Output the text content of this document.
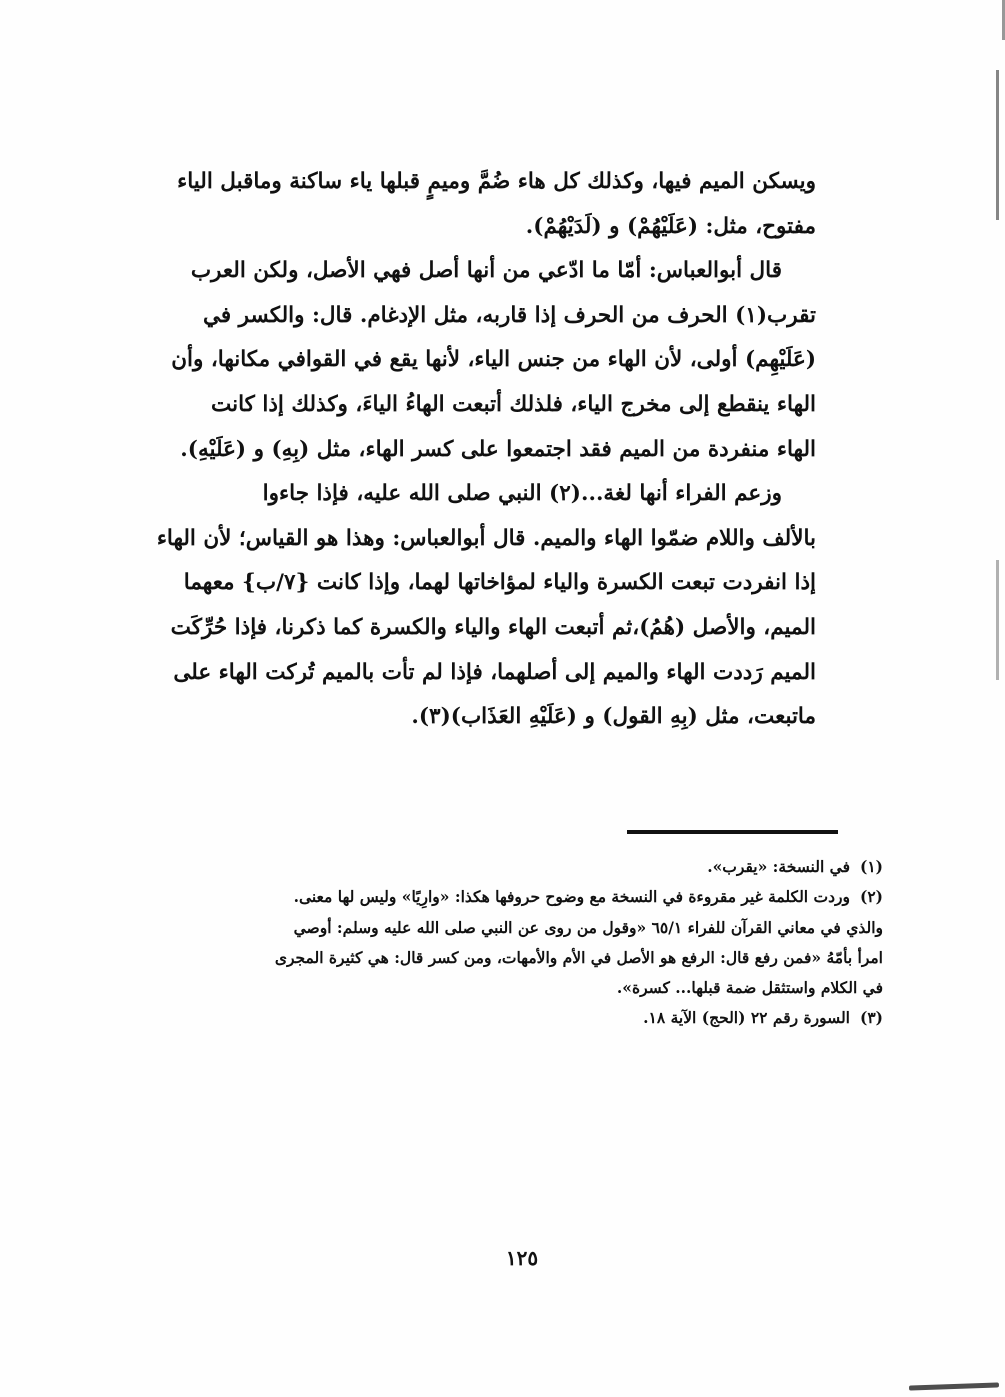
ويسكن الميم فيها، وكذلك كل هاء ضُمَّ وميمٍ قبلها ياء ساكنة وماقبل الياء
مفتوح، مثل: (عَلَيْهُمْ) و (لَدَيْهُمْ).

قال أبوالعباس: أمّا ما ادّعي من أنها أصل فهي الأصل، ولكن العرب
تقرب(١) الحرف من الحرف إذا قاربه، مثل الإدغام. قال: والكسر في
(عَلَيْهِم) أولى، لأن الهاء من جنس الياء، لأنها يقع في القوافي مكانها، وأن
الهاء ينقطع إلى مخرج الياء، فلذلك أتبعت الهاءُ الياءَ، وكذلك إذا كانت
الهاء منفردة من الميم فقد اجتمعوا على كسر الهاء، مثل (بِهِ) و (عَلَيْهِ).

وزعم الفراء أنها لغة...(٢) النبي صلى الله عليه، فإذا جاءوا
بالألف واللام ضمّوا الهاء والميم. قال أبوالعباس: وهذا هو القياس؛ لأن الهاء
إذا انفردت تبعت الكسرة والياء لمؤاخاتها لهما، وإذا كانت {٧/ب} معهما
الميم، والأصل (هُمُ)،ثم أتبعت الهاء والياء والكسرة كما ذكرنا، فإذا حُرِّكَت
الميم رَددت الهاء والميم إلى أصلهما، فإذا لم تأت بالميم تُركت الهاء على
ماتبعت، مثل (بِهِ القول) و (عَلَيْهِ العَذَاب)(٣).

(١)في النسخة: «يقرب».

(٢)وردت الكلمة غير مقروءة في النسخة مع وضوح حروفها هكذا: «وارِيًا» وليس لها معنى.

والذي في معاني القرآن للفراء ٦٥/١ «وقول من روى عن النبي صلى الله عليه وسلم: أوصي

امرأ بأمّهُ «فمن رفع قال: الرفع هو الأصل في الأم والأمهات، ومن كسر قال: هي كثيرة المجرى

في الكلام واستثقل ضمة قبلها... كسرة».

(٣)السورة رقم ٢٢ (الحج) الآية ١٨.

١٢٥
